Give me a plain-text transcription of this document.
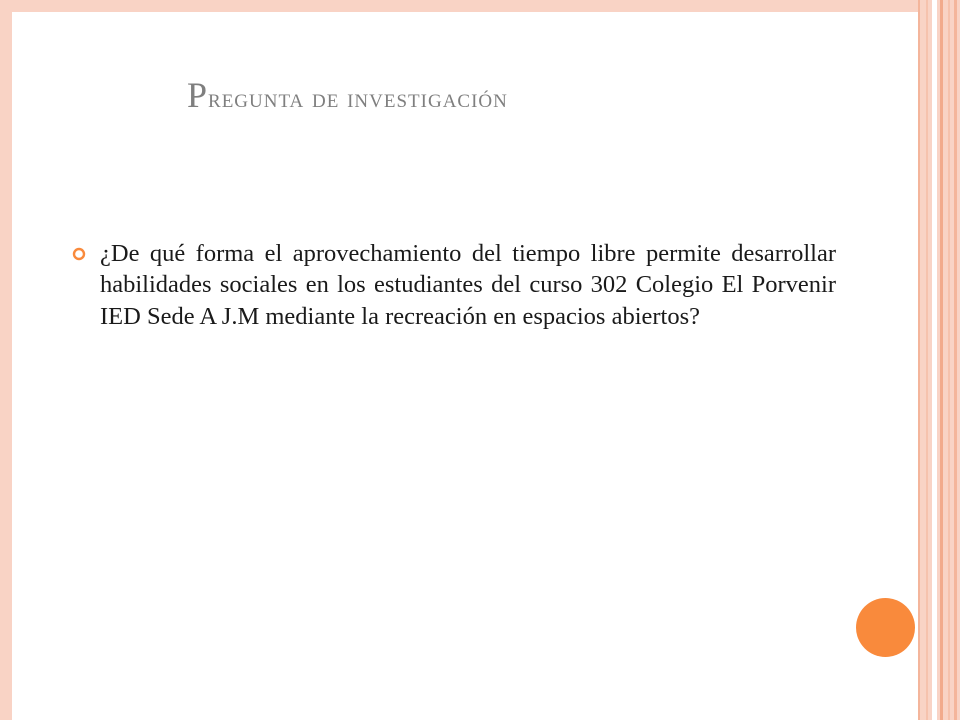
Pregunta de investigación

¿De qué forma el aprovechamiento del tiempo libre permite desarrollar habilidades sociales en los estudiantes del curso 302 Colegio El Porvenir IED Sede A J.M mediante la recreación en espacios abiertos?
